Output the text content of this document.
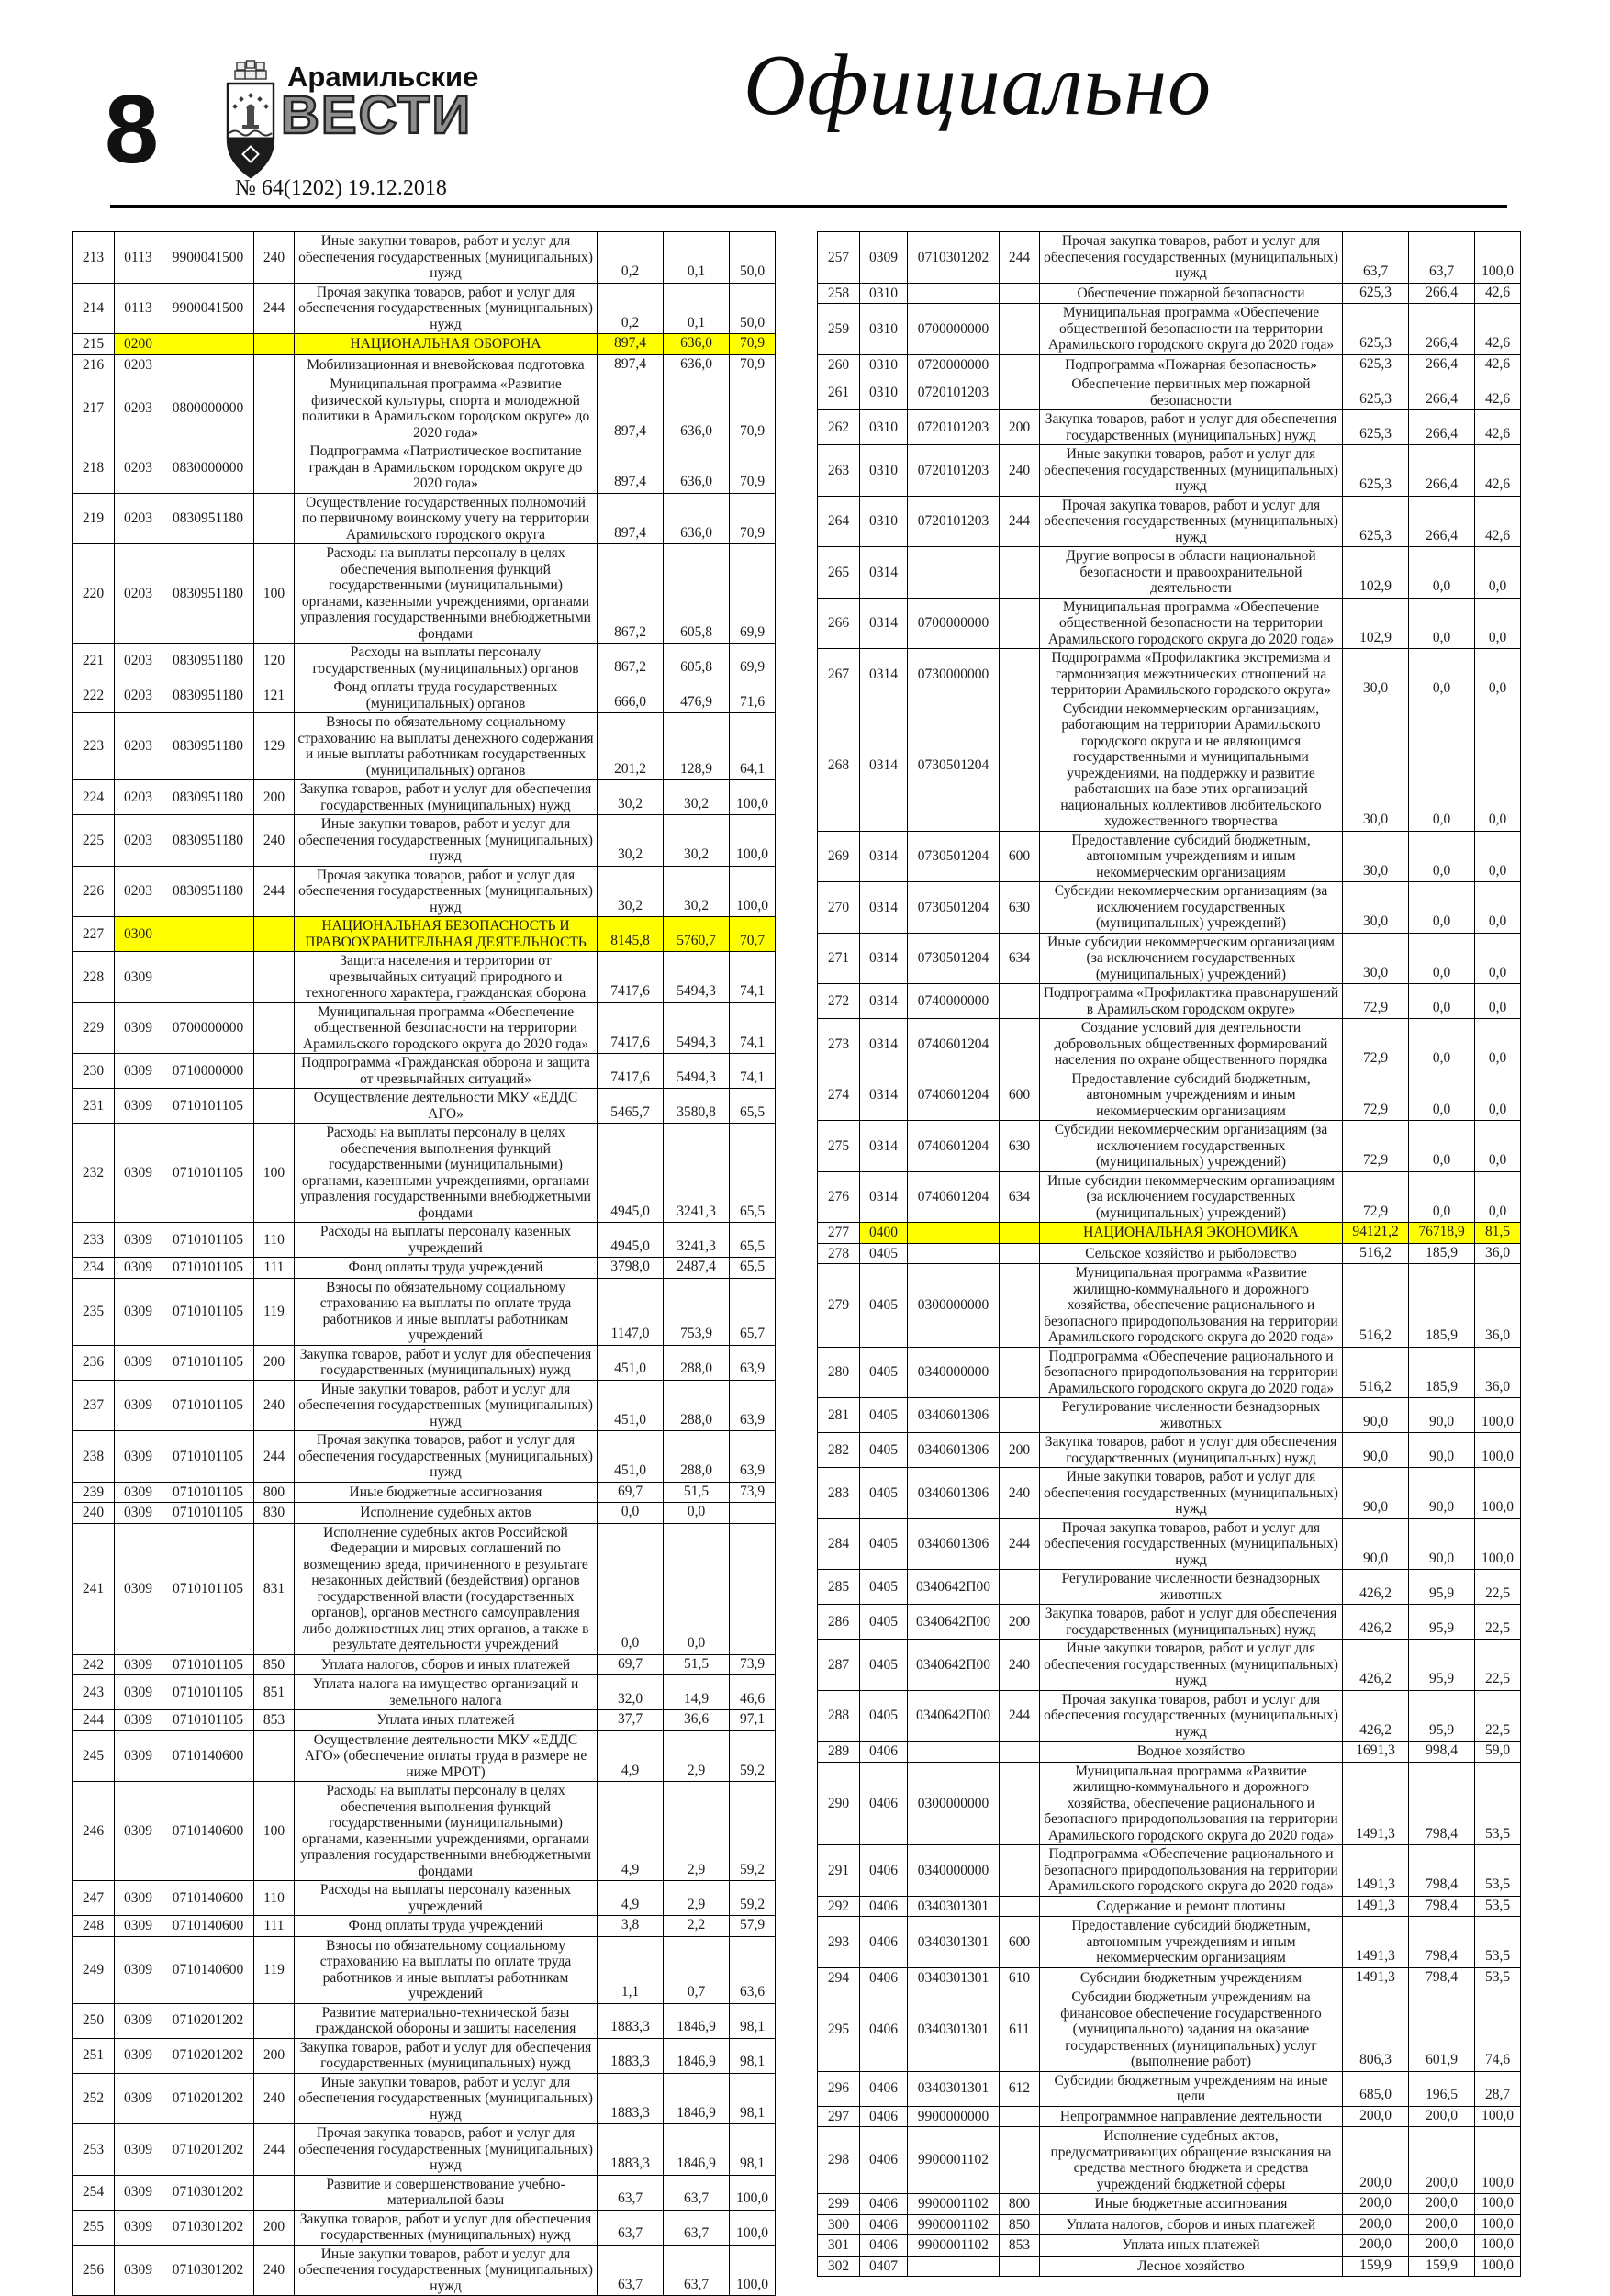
8	Арамильские
ВЕСТИ
№ 64(1202) 19.12.2018
Официально
213	0113	9900041500	240	Иные закупки товаров, работ и услуг для обеспечения государственных (муниципальных) нужд	0,2	0,1	50,0
214	0113	9900041500	244	Прочая закупка товаров, работ и услуг для обеспечения государственных (муниципальных) нужд	0,2	0,1	50,0
215	0200			НАЦИОНАЛЬНАЯ ОБОРОНА	897,4	636,0	70,9
216	0203			Мобилизационная и вневойсковая подготовка	897,4	636,0	70,9
217	0203	0800000000		Муниципальная программа «Развитие физической культуры, спорта и молодежной политики в Арамильском городском округе» до 2020 года»	897,4	636,0	70,9
218	0203	0830000000		Подпрограмма «Патриотическое воспитание граждан в Арамильском городском округе до 2020 года»	897,4	636,0	70,9
219	0203	0830951180		Осуществление государственных полномочий по первичному воинскому учету на территории Арамильского городского округа	897,4	636,0	70,9
220	0203	0830951180	100	Расходы на выплаты персоналу в целях обеспечения выполнения функций государственными (муниципальными) органами, казенными учреждениями, органами управления государственными внебюджетными фондами	867,2	605,8	69,9
221	0203	0830951180	120	Расходы на выплаты персоналу государственных (муниципальных) органов	867,2	605,8	69,9
222	0203	0830951180	121	Фонд оплаты труда государственных (муниципальных) органов	666,0	476,9	71,6
223	0203	0830951180	129	Взносы по обязательному социальному страхованию на выплаты денежного содержания и иные выплаты работникам государственных (муниципальных) органов	201,2	128,9	64,1
224	0203	0830951180	200	Закупка товаров, работ и услуг для обеспечения государственных (муниципальных) нужд	30,2	30,2	100,0
225	0203	0830951180	240	Иные закупки товаров, работ и услуг для обеспечения государственных (муниципальных) нужд	30,2	30,2	100,0
226	0203	0830951180	244	Прочая закупка товаров, работ и услуг для обеспечения государственных (муниципальных) нужд	30,2	30,2	100,0
227	0300			НАЦИОНАЛЬНАЯ БЕЗОПАСНОСТЬ И ПРАВООХРАНИТЕЛЬНАЯ ДЕЯТЕЛЬНОСТЬ	8145,8	5760,7	70,7
228	0309			Защита населения и территории от чрезвычайных ситуаций природного и техногенного характера, гражданская оборона	7417,6	5494,3	74,1
229	0309	0700000000		Муниципальная программа «Обеспечение общественной безопасности на территории Арамильского городского округа до 2020 года»	7417,6	5494,3	74,1
230	0309	0710000000		Подпрограмма «Гражданская оборона и защита от чрезвычайных ситуаций»	7417,6	5494,3	74,1
231	0309	0710101105		Осуществление деятельности МКУ «ЕДДС АГО»	5465,7	3580,8	65,5
232	0309	0710101105	100	Расходы на выплаты персоналу в целях обеспечения выполнения функций государственными (муниципальными) органами, казенными учреждениями, органами управления государственными внебюджетными фондами	4945,0	3241,3	65,5
233	0309	0710101105	110	Расходы на выплаты персоналу казенных учреждений	4945,0	3241,3	65,5
234	0309	0710101105	111	Фонд оплаты труда учреждений	3798,0	2487,4	65,5
235	0309	0710101105	119	Взносы по обязательному социальному страхованию на выплаты по оплате труда работников и иные выплаты работникам учреждений	1147,0	753,9	65,7
236	0309	0710101105	200	Закупка товаров, работ и услуг для обеспечения государственных (муниципальных) нужд	451,0	288,0	63,9
237	0309	0710101105	240	Иные закупки товаров, работ и услуг для обеспечения государственных (муниципальных) нужд	451,0	288,0	63,9
238	0309	0710101105	244	Прочая закупка товаров, работ и услуг для обеспечения государственных (муниципальных) нужд	451,0	288,0	63,9
239	0309	0710101105	800	Иные бюджетные ассигнования	69,7	51,5	73,9
240	0309	0710101105	830	Исполнение судебных актов	0,0	0,0	
241	0309	0710101105	831	Исполнение судебных актов Российской Федерации и мировых соглашений по возмещению вреда, причиненного в результате незаконных действий (бездействия) органов государственной власти (государственных органов), органов местного самоуправления либо должностных лиц этих органов, а также в результате деятельности учреждений	0,0	0,0	
242	0309	0710101105	850	Уплата налогов, сборов и иных платежей	69,7	51,5	73,9
243	0309	0710101105	851	Уплата налога на имущество организаций и земельного налога	32,0	14,9	46,6
244	0309	0710101105	853	Уплата иных платежей	37,7	36,6	97,1
245	0309	0710140600		Осуществление деятельности МКУ «ЕДДС АГО» (обеспечение оплаты труда в размере не ниже МРОТ)	4,9	2,9	59,2
246	0309	0710140600	100	Расходы на выплаты персоналу в целях обеспечения выполнения функций государственными (муниципальными) органами, казенными учреждениями, органами управления государственными внебюджетными фондами	4,9	2,9	59,2
247	0309	0710140600	110	Расходы на выплаты персоналу казенных учреждений	4,9	2,9	59,2
248	0309	0710140600	111	Фонд оплаты труда учреждений	3,8	2,2	57,9
249	0309	0710140600	119	Взносы по обязательному социальному страхованию на выплаты по оплате труда работников и иные выплаты работникам учреждений	1,1	0,7	63,6
250	0309	0710201202		Развитие материально-технической базы гражданской обороны и защиты населения	1883,3	1846,9	98,1
251	0309	0710201202	200	Закупка товаров, работ и услуг для обеспечения государственных (муниципальных) нужд	1883,3	1846,9	98,1
252	0309	0710201202	240	Иные закупки товаров, работ и услуг для обеспечения государственных (муниципальных) нужд	1883,3	1846,9	98,1
253	0309	0710201202	244	Прочая закупка товаров, работ и услуг для обеспечения государственных (муниципальных) нужд	1883,3	1846,9	98,1
254	0309	0710301202		Развитие и совершенствование учебно-материальной базы	63,7	63,7	100,0
255	0309	0710301202	200	Закупка товаров, работ и услуг для обеспечения государственных (муниципальных) нужд	63,7	63,7	100,0
256	0309	0710301202	240	Иные закупки товаров, работ и услуг для обеспечения государственных (муниципальных) нужд	63,7	63,7	100,0
257	0309	0710301202	244	Прочая закупка товаров, работ и услуг для обеспечения государственных (муниципальных) нужд	63,7	63,7	100,0
258	0310			Обеспечение пожарной безопасности	625,3	266,4	42,6
259	0310	0700000000		Муниципальная программа «Обеспечение общественной безопасности на территории Арамильского городского округа до 2020 года»	625,3	266,4	42,6
260	0310	0720000000		Подпрограмма «Пожарная безопасность»	625,3	266,4	42,6
261	0310	0720101203		Обеспечение первичных мер пожарной безопасности	625,3	266,4	42,6
262	0310	0720101203	200	Закупка товаров, работ и услуг для обеспечения государственных (муниципальных) нужд	625,3	266,4	42,6
263	0310	0720101203	240	Иные закупки товаров, работ и услуг для обеспечения государственных (муниципальных) нужд	625,3	266,4	42,6
264	0310	0720101203	244	Прочая закупка товаров, работ и услуг для обеспечения государственных (муниципальных) нужд	625,3	266,4	42,6
265	0314			Другие вопросы в области национальной безопасности и правоохранительной деятельности	102,9	0,0	0,0
266	0314	0700000000		Муниципальная программа «Обеспечение общественной безопасности на территории Арамильского городского округа до 2020 года»	102,9	0,0	0,0
267	0314	0730000000		Подпрограмма «Профилактика экстремизма и гармонизация межэтнических отношений на территории Арамильского городского округа»	30,0	0,0	0,0
268	0314	0730501204		Субсидии некоммерческим организациям, работающим на территории Арамильского городского округа и не являющимся государственными и муниципальными учреждениями, на поддержку и развитие работающих на базе этих организаций национальных коллективов любительского художественного творчества	30,0	0,0	0,0
269	0314	0730501204	600	Предоставление субсидий бюджетным, автономным учреждениям и иным некоммерческим организациям	30,0	0,0	0,0
270	0314	0730501204	630	Субсидии некоммерческим организациям (за исключением государственных (муниципальных) учреждений)	30,0	0,0	0,0
271	0314	0730501204	634	Иные субсидии некоммерческим организациям (за исключением государственных (муниципальных) учреждений)	30,0	0,0	0,0
272	0314	0740000000		Подпрограмма «Профилактика правонарушений в Арамильском городском округе»	72,9	0,0	0,0
273	0314	0740601204		Создание условий для деятельности добровольных общественных формирований населения по охране общественного порядка	72,9	0,0	0,0
274	0314	0740601204	600	Предоставление субсидий бюджетным, автономным учреждениям и иным некоммерческим организациям	72,9	0,0	0,0
275	0314	0740601204	630	Субсидии некоммерческим организациям (за исключением государственных (муниципальных) учреждений)	72,9	0,0	0,0
276	0314	0740601204	634	Иные субсидии некоммерческим организациям (за исключением государственных (муниципальных) учреждений)	72,9	0,0	0,0
277	0400			НАЦИОНАЛЬНАЯ ЭКОНОМИКА	94121,2	76718,9	81,5
278	0405			Сельское хозяйство и рыболовство	516,2	185,9	36,0
279	0405	0300000000		Муниципальная программа «Развитие жилищно-коммунального и дорожного хозяйства, обеспечение рационального и безопасного природопользования на территории Арамильского городского округа до 2020 года»	516,2	185,9	36,0
280	0405	0340000000		Подпрограмма «Обеспечение рационального и безопасного природопользования на территории Арамильского городского округа до 2020 года»	516,2	185,9	36,0
281	0405	0340601306		Регулирование численности безнадзорных животных	90,0	90,0	100,0
282	0405	0340601306	200	Закупка товаров, работ и услуг для обеспечения государственных (муниципальных) нужд	90,0	90,0	100,0
283	0405	0340601306	240	Иные закупки товаров, работ и услуг для обеспечения государственных (муниципальных) нужд	90,0	90,0	100,0
284	0405	0340601306	244	Прочая закупка товаров, работ и услуг для обеспечения государственных (муниципальных) нужд	90,0	90,0	100,0
285	0405	0340642П00		Регулирование численности безнадзорных животных	426,2	95,9	22,5
286	0405	0340642П00	200	Закупка товаров, работ и услуг для обеспечения государственных (муниципальных) нужд	426,2	95,9	22,5
287	0405	0340642П00	240	Иные закупки товаров, работ и услуг для обеспечения государственных (муниципальных) нужд	426,2	95,9	22,5
288	0405	0340642П00	244	Прочая закупка товаров, работ и услуг для обеспечения государственных (муниципальных) нужд	426,2	95,9	22,5
289	0406			Водное хозяйство	1691,3	998,4	59,0
290	0406	0300000000		Муниципальная программа «Развитие жилищно-коммунального и дорожного хозяйства, обеспечение рационального и безопасного природопользования на территории Арамильского городского округа до 2020 года»	1491,3	798,4	53,5
291	0406	0340000000		Подпрограмма «Обеспечение рационального и безопасного природопользования на территории Арамильского городского округа до 2020 года»	1491,3	798,4	53,5
292	0406	0340301301		Содержание и ремонт плотины	1491,3	798,4	53,5
293	0406	0340301301	600	Предоставление субсидий бюджетным, автономным учреждениям и иным некоммерческим организациям	1491,3	798,4	53,5
294	0406	0340301301	610	Субсидии бюджетным учреждениям	1491,3	798,4	53,5
295	0406	0340301301	611	Субсидии бюджетным учреждениям на финансовое обеспечение государственного (муниципального) задания на оказание государственных (муниципальных) услуг (выполнение работ)	806,3	601,9	74,6
296	0406	0340301301	612	Субсидии бюджетным учреждениям на иные цели	685,0	196,5	28,7
297	0406	9900000000		Непрограммное направление деятельности	200,0	200,0	100,0
298	0406	9900001102		Исполнение судебных актов, предусматривающих обращение взыскания на средства местного бюджета и средства учреждений бюджетной сферы	200,0	200,0	100,0
299	0406	9900001102	800	Иные бюджетные ассигнования	200,0	200,0	100,0
300	0406	9900001102	850	Уплата налогов, сборов и иных платежей	200,0	200,0	100,0
301	0406	9900001102	853	Уплата иных платежей	200,0	200,0	100,0
302	0407			Лесное хозяйство	159,9	159,9	100,0
